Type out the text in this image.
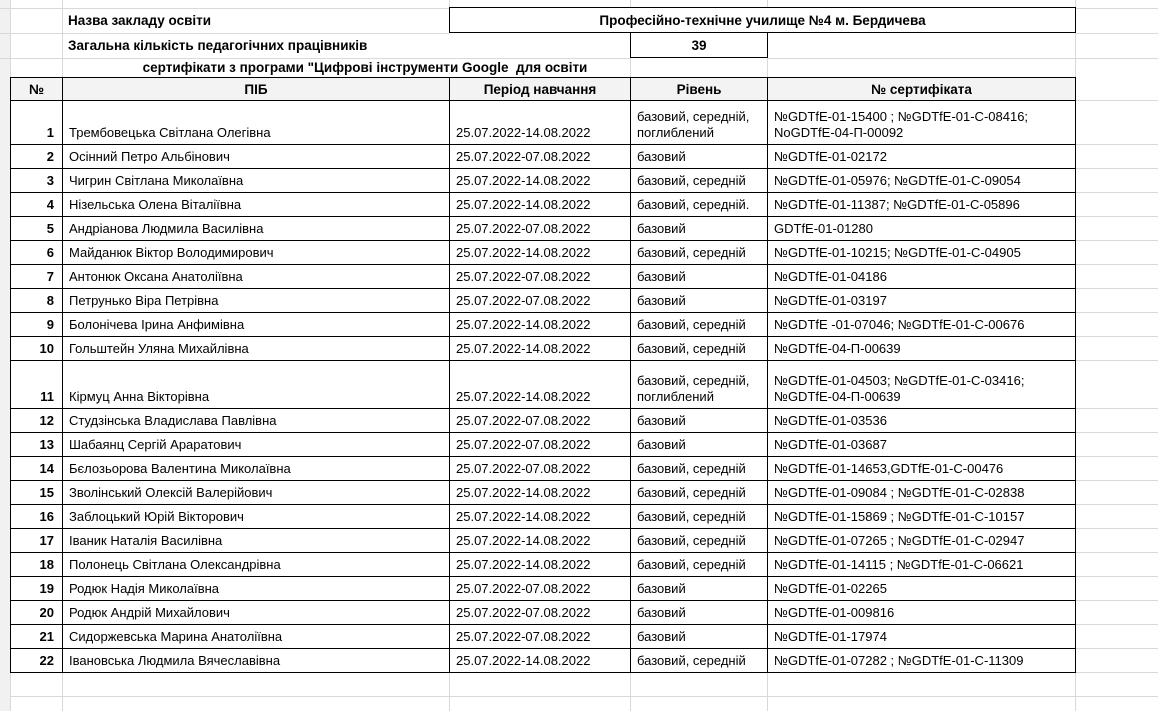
Назва закладу освіти	Професійно-технічне училище №4 м. Бердичева
Загальна кількість педагогічних працівників	39
сертифікати з програми "Цифрові інструменти Google  для освіти
№	ПІБ	Період навчання	Рівень	№ сертифіката	
1	Трембовецька Світлана Олегівна	25.07.2022-14.08.2022	базовий, середній, поглиблений	№GDTfE-01-15400 ; №GDTfE-01-C-08416; NoGDTfE-04-П-00092	
2	Осінний Петро Альбінович	25.07.2022-07.08.2022	базовий	№GDTfE-01-02172	
3	Чигрин Світлана Миколаївна	25.07.2022-14.08.2022	базовий, середній	№GDTfE-01-05976; №GDTfE-01-C-09054	
4	Нізельська Олена Віталіївна	25.07.2022-14.08.2022	базовий, середній.	№GDTfE-01-11387; №GDTfE-01-C-05896	
5	Андріанова Людмила Василівна	25.07.2022-07.08.2022	базовий	GDTfE-01-01280	
6	Майданюк Віктор Володимирович	25.07.2022-14.08.2022	базовий, середній	№GDTfE-01-10215; №GDTfE-01-C-04905	
7	Антонюк Оксана Анатоліївна	25.07.2022-07.08.2022	базовий	№GDTfE-01-04186	
8	Петрунько Віра Петрівна	25.07.2022-07.08.2022	базовий	№GDTfE-01-03197	
9	Болонічева Ірина Анфимівна	25.07.2022-14.08.2022	базовий, середній	№GDTfE -01-07046; №GDTfE-01-C-00676	
10	Гольштейн Уляна Михайлівна	25.07.2022-14.08.2022	базовий, середній	№GDTfE-04-П-00639	
11	Кірмуц Анна Вікторівна	25.07.2022-14.08.2022	базовий, середній, поглиблений	№GDTfE-01-04503; №GDTfE-01-C-03416; №GDTfE-04-П-00639	
12	Студзінська Владислава Павлівна	25.07.2022-07.08.2022	базовий	№GDTfE-01-03536	
13	Шабаянц Сергій Араратович	25.07.2022-07.08.2022	базовий	№GDTfE-01-03687	
14	Бєлозьорова Валентина Миколаївна	25.07.2022-07.08.2022	базовий, середній	№GDTfE-01-14653,GDTfE-01-C-00476	
15	Зволінський Олексій Валерійович	25.07.2022-14.08.2022	базовий, середній	№GDTfE-01-09084 ; №GDTfE-01-C-02838	
16	Заблоцький Юрій Вікторович	25.07.2022-14.08.2022	базовий, середній	№GDTfE-01-15869 ; №GDTfE-01-C-10157	
17	Іваник Наталія Василівна	25.07.2022-14.08.2022	базовий, середній	№GDTfE-01-07265 ; №GDTfE-01-C-02947	
18	Полонець Світлана Олександрівна	25.07.2022-14.08.2022	базовий, середній	№GDTfE-01-14115 ; №GDTfE-01-C-06621	
19	Родюк Надія Миколаївна	25.07.2022-07.08.2022	базовий	№GDTfE-01-02265	
20	Родюк Андрій Михайлович	25.07.2022-07.08.2022	базовий	№GDTfE-01-009816	
21	Сидоржевська Марина Анатоліївна	25.07.2022-07.08.2022	базовий	№GDTfE-01-17974	
22	Івановська Людмила Вячеславівна	25.07.2022-14.08.2022	базовий, середній	№GDTfE-01-07282 ; №GDTfE-01-C-11309	
